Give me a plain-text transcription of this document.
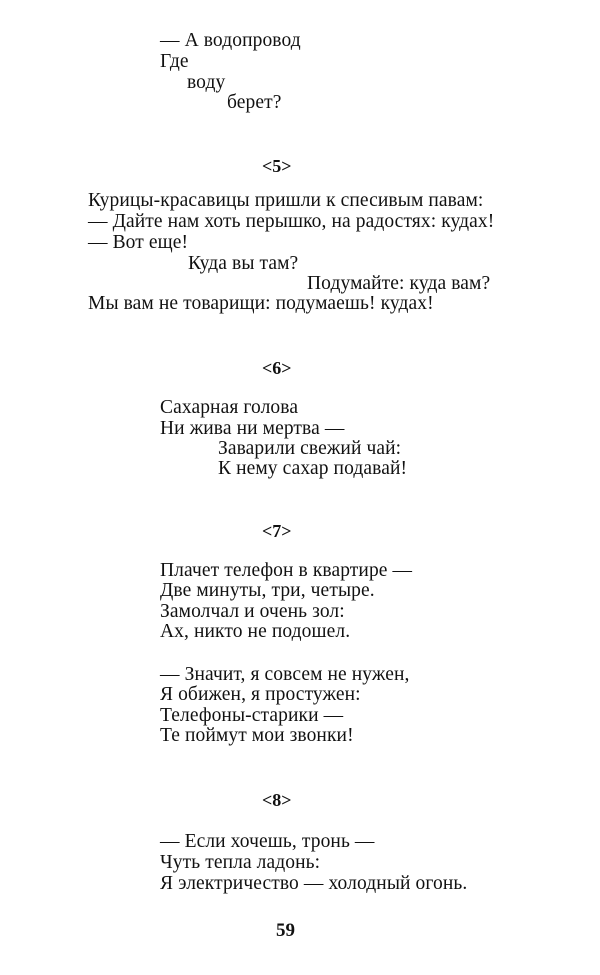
— А водопровод
Где
воду
берет?
<5>
Курицы-красавицы пришли к спесивым павам:
— Дайте нам хоть перышко, на радостях: кудах!
— Вот еще!
Куда вы там?
Подумайте: куда вам?
Мы вам не товарищи: подумаешь! кудах!
<6>
Сахарная голова
Ни жива ни мертва —
Заварили свежий чай:
К нему сахар подавай!
<7>
Плачет телефон в квартире —
Две минуты, три, четыре.
Замолчал и очень зол:
Ах, никто не подошел.
— Значит, я совсем не нужен,
Я обижен, я простужен:
Телефоны-старики —
Те поймут мои звонки!
<8>
— Если хочешь, тронь —
Чуть тепла ладонь:
Я электричество — холодный огонь.
59
